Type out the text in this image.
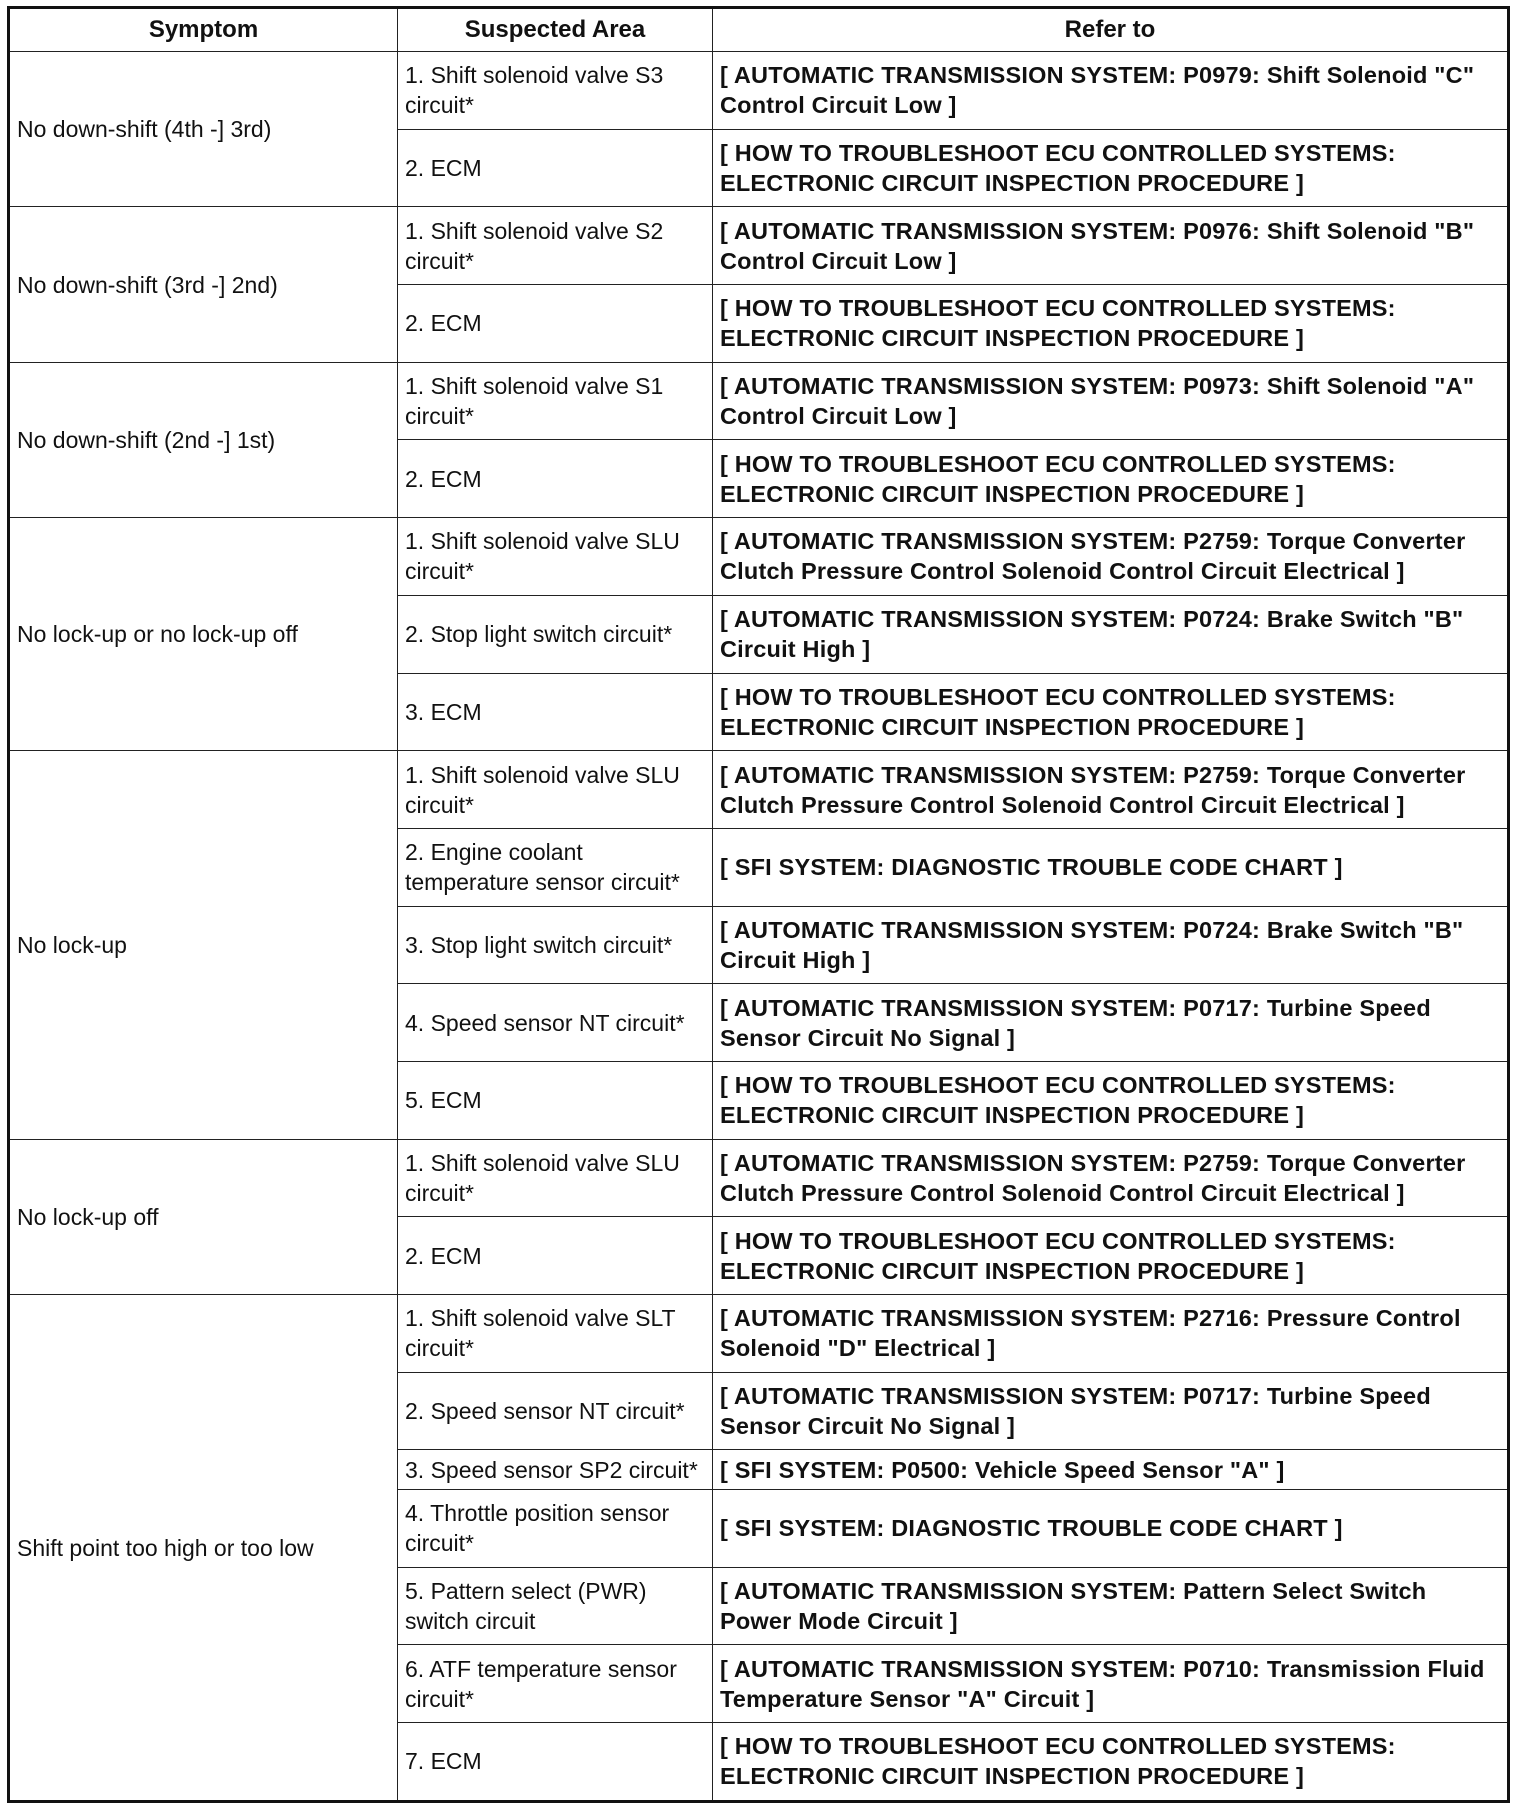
Symptom	Suspected Area	Refer to
No down-shift (4th -] 3rd)	1. Shift solenoid valve S3 circuit*	[ AUTOMATIC TRANSMISSION SYSTEM: P0979: Shift Solenoid "C" Control Circuit Low ]
	2. ECM	[ HOW TO TROUBLESHOOT ECU CONTROLLED SYSTEMS: ELECTRONIC CIRCUIT INSPECTION PROCEDURE ]
No down-shift (3rd -] 2nd)	1. Shift solenoid valve S2 circuit*	[ AUTOMATIC TRANSMISSION SYSTEM: P0976: Shift Solenoid "B" Control Circuit Low ]
	2. ECM	[ HOW TO TROUBLESHOOT ECU CONTROLLED SYSTEMS: ELECTRONIC CIRCUIT INSPECTION PROCEDURE ]
No down-shift (2nd -] 1st)	1. Shift solenoid valve S1 circuit*	[ AUTOMATIC TRANSMISSION SYSTEM: P0973: Shift Solenoid "A" Control Circuit Low ]
	2. ECM	[ HOW TO TROUBLESHOOT ECU CONTROLLED SYSTEMS: ELECTRONIC CIRCUIT INSPECTION PROCEDURE ]
No lock-up or no lock-up off	1. Shift solenoid valve SLU circuit*	[ AUTOMATIC TRANSMISSION SYSTEM: P2759: Torque Converter Clutch Pressure Control Solenoid Control Circuit Electrical ]
	2. Stop light switch circuit*	[ AUTOMATIC TRANSMISSION SYSTEM: P0724: Brake Switch "B" Circuit High ]
	3. ECM	[ HOW TO TROUBLESHOOT ECU CONTROLLED SYSTEMS: ELECTRONIC CIRCUIT INSPECTION PROCEDURE ]
No lock-up	1. Shift solenoid valve SLU circuit*	[ AUTOMATIC TRANSMISSION SYSTEM: P2759: Torque Converter Clutch Pressure Control Solenoid Control Circuit Electrical ]
	2. Engine coolant temperature sensor circuit*	[ SFI SYSTEM: DIAGNOSTIC TROUBLE CODE CHART ]
	3. Stop light switch circuit*	[ AUTOMATIC TRANSMISSION SYSTEM: P0724: Brake Switch "B" Circuit High ]
	4. Speed sensor NT circuit*	[ AUTOMATIC TRANSMISSION SYSTEM: P0717: Turbine Speed Sensor Circuit No Signal ]
	5. ECM	[ HOW TO TROUBLESHOOT ECU CONTROLLED SYSTEMS: ELECTRONIC CIRCUIT INSPECTION PROCEDURE ]
No lock-up off	1. Shift solenoid valve SLU circuit*	[ AUTOMATIC TRANSMISSION SYSTEM: P2759: Torque Converter Clutch Pressure Control Solenoid Control Circuit Electrical ]
	2. ECM	[ HOW TO TROUBLESHOOT ECU CONTROLLED SYSTEMS: ELECTRONIC CIRCUIT INSPECTION PROCEDURE ]
Shift point too high or too low	1. Shift solenoid valve SLT circuit*	[ AUTOMATIC TRANSMISSION SYSTEM: P2716: Pressure Control Solenoid "D" Electrical ]
	2. Speed sensor NT circuit*	[ AUTOMATIC TRANSMISSION SYSTEM: P0717: Turbine Speed Sensor Circuit No Signal ]
	3. Speed sensor SP2 circuit*	[ SFI SYSTEM: P0500: Vehicle Speed Sensor "A" ]
	4. Throttle position sensor circuit*	[ SFI SYSTEM: DIAGNOSTIC TROUBLE CODE CHART ]
	5. Pattern select (PWR) switch circuit	[ AUTOMATIC TRANSMISSION SYSTEM: Pattern Select Switch Power Mode Circuit ]
	6. ATF temperature sensor circuit*	[ AUTOMATIC TRANSMISSION SYSTEM: P0710: Transmission Fluid Temperature Sensor "A" Circuit ]
	7. ECM	[ HOW TO TROUBLESHOOT ECU CONTROLLED SYSTEMS: ELECTRONIC CIRCUIT INSPECTION PROCEDURE ]
